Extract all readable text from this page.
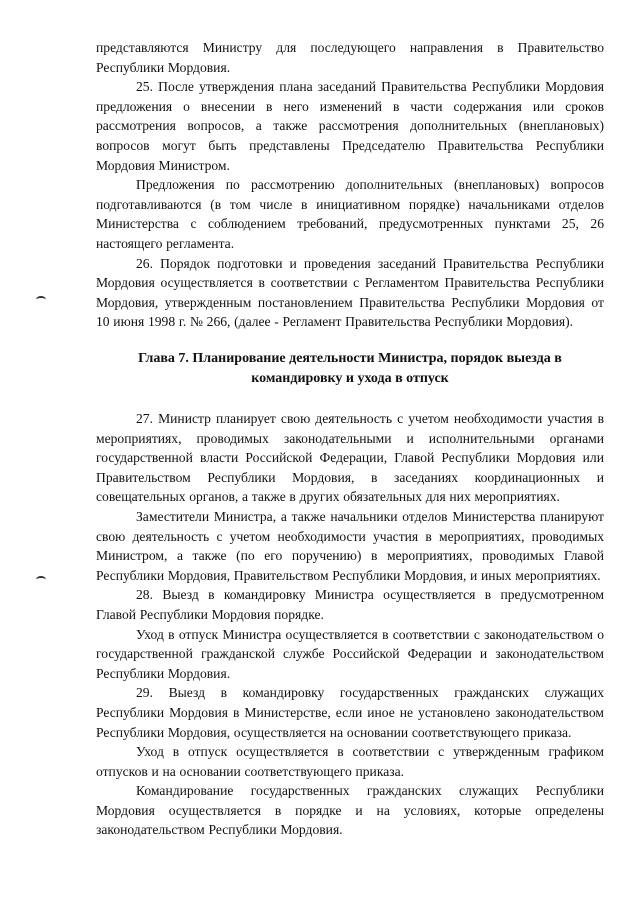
представляются Министру для последующего направления в Правительство Республики Мордовия.

25. После утверждения плана заседаний Правительства Республики Мордовия предложения о внесении в него изменений в части содержания или сроков рассмотрения вопросов, а также рассмотрения дополнительных (внеплановых) вопросов могут быть представлены Председателю Правительства Республики Мордовия Министром.

Предложения по рассмотрению дополнительных (внеплановых) вопросов подготавливаются (в том числе в инициативном порядке) начальниками отделов Министерства с соблюдением требований, предусмотренных пунктами 25, 26 настоящего регламента.

26. Порядок подготовки и проведения заседаний Правительства Республики Мордовия осуществляется в соответствии с Регламентом Правительства Республики Мордовия, утвержденным постановлением Правительства Республики Мордовия от 10 июня 1998 г. № 266, (далее - Регламент Правительства Республики Мордовия).

Глава 7. Планирование деятельности Министра, порядок выезда в
командировку и ухода в отпуск

27. Министр планирует свою деятельность с учетом необходимости участия в мероприятиях, проводимых законодательными и исполнительными органами государственной власти Российской Федерации, Главой Республики Мордовия или Правительством Республики Мордовия, в заседаниях координационных и совещательных органов, а также в других обязательных для них мероприятиях.

Заместители Министра, а также начальники отделов Министерства планируют свою деятельность с учетом необходимости участия в мероприятиях, проводимых Министром, а также (по его поручению) в мероприятиях, проводимых Главой Республики Мордовия, Правительством Республики Мордовия, и иных мероприятиях.

28. Выезд в командировку Министра осуществляется в предусмотренном Главой Республики Мордовия порядке.

Уход в отпуск Министра осуществляется в соответствии с законодательством о государственной гражданской службе Российской Федерации и законодательством Республики Мордовия.

29. Выезд в командировку государственных гражданских служащих Республики Мордовия в Министерстве, если иное не установлено законодательством Республики Мордовия, осуществляется на основании соответствующего приказа.

Уход в отпуск осуществляется в соответствии с утвержденным графиком отпусков и на основании соответствующего приказа.

Командирование государственных гражданских служащих Республики Мордовия осуществляется в порядке и на условиях, которые определены законодательством Республики Мордовия.
